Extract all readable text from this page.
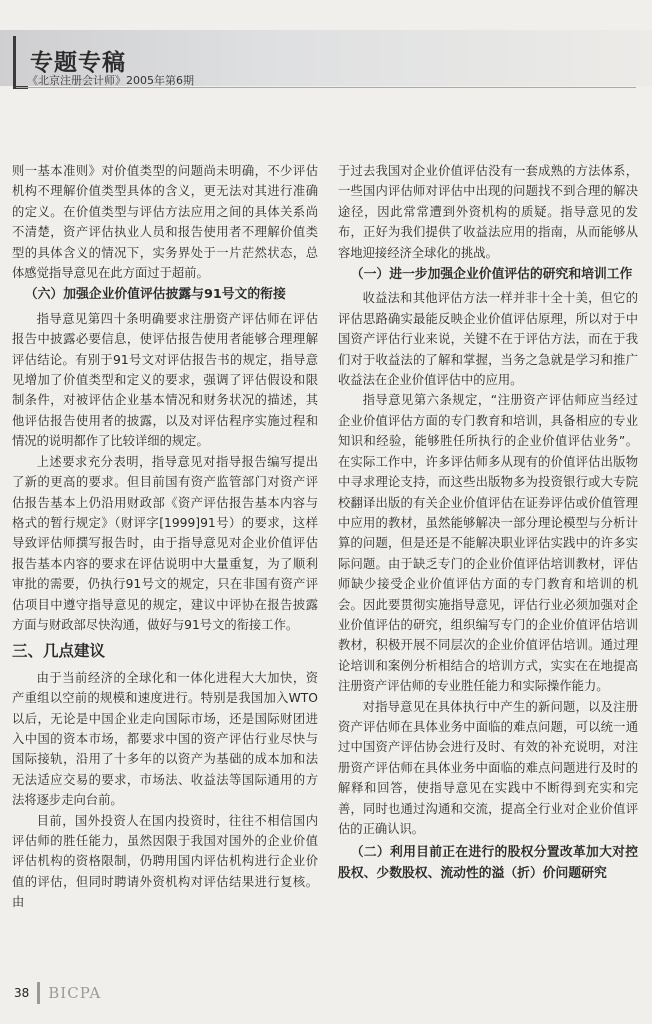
专题专稿
《北京注册会计师》2005年第6期

则一基本准则》对价值类型的问题尚未明确，不少评估机构不理解价值类型具体的含义，更无法对其进行准确的定义。在价值类型与评估方法应用之间的具体关系尚不清楚，资产评估执业人员和报告使用者不理解价值类型的具体含义的情况下，实务界处于一片茫然状态，总体感觉指导意见在此方面过于超前。

（六）加强企业价值评估披露与91号文的衔接

指导意见第四十条明确要求注册资产评估师在评估报告中披露必要信息，使评估报告使用者能够合理理解评估结论。有别于91号文对评估报告书的规定，指导意见增加了价值类型和定义的要求，强调了评估假设和限制条件，对被评估企业基本情况和财务状况的描述，其他评估报告使用者的披露，以及对评估程序实施过程和情况的说明都作了比较详细的规定。

上述要求充分表明，指导意见对指导报告编写提出了新的更高的要求。但目前国有资产监管部门对资产评估报告基本上仍沿用财政部《资产评估报告基本内容与格式的暂行规定》（财评字[1999]91号）的要求，这样导致评估师撰写报告时，由于指导意见对企业价值评估报告基本内容的要求在评估说明中大量重复，为了顺利审批的需要，仍执行91号文的规定，只在非国有资产评估项目中遵守指导意见的规定，建议中评协在报告披露方面与财政部尽快沟通，做好与91号文的衔接工作。

三、几点建议

由于当前经济的全球化和一体化进程大大加快，资产重组以空前的规模和速度进行。特别是我国加入WTO以后，无论是中国企业走向国际市场，还是国际财团进入中国的资本市场，都要求中国的资产评估行业尽快与国际接轨，沿用了十多年的以资产为基础的成本加和法无法适应交易的要求，市场法、收益法等国际通用的方法将逐步走向台前。

目前，国外投资人在国内投资时，往往不相信国内评估师的胜任能力，虽然因限于我国对国外的企业价值评估机构的资格限制，仍聘用国内评估机构进行企业价值的评估，但同时聘请外资机构对评估结果进行复核。由

于过去我国对企业价值评估没有一套成熟的方法体系，一些国内评估师对评估中出现的问题找不到合理的解决途径，因此常常遭到外资机构的质疑。指导意见的发布，正好为我们提供了收益法应用的指南，从而能够从容地迎接经济全球化的挑战。

（一）进一步加强企业价值评估的研究和培训工作

收益法和其他评估方法一样并非十全十美，但它的评估思路确实最能反映企业价值评估原理，所以对于中国资产评估行业来说，关键不在于评估方法，而在于我们对于收益法的了解和掌握，当务之急就是学习和推广收益法在企业价值评估中的应用。

指导意见第六条规定，“注册资产评估师应当经过企业价值评估方面的专门教育和培训，具备相应的专业知识和经验，能够胜任所执行的企业价值评估业务”。在实际工作中，许多评估师多从现有的价值评估出版物中寻求理论支持，而这些出版物多为投资银行或大专院校翻译出版的有关企业价值评估在证券评估或价值管理中应用的教材，虽然能够解决一部分理论模型与分析计算的问题，但是还是不能解决职业评估实践中的许多实际问题。由于缺乏专门的企业价值评估培训教材，评估师缺少接受企业价值评估方面的专门教育和培训的机会。因此要贯彻实施指导意见，评估行业必须加强对企业价值评估的研究，组织编写专门的企业价值评估培训教材，积极开展不同层次的企业价值评估培训。通过理论培训和案例分析相结合的培训方式，实实在在地提高注册资产评估师的专业胜任能力和实际操作能力。

对指导意见在具体执行中产生的新问题，以及注册资产评估师在具体业务中面临的难点问题，可以统一通过中国资产评估协会进行及时、有效的补充说明，对注册资产评估师在具体业务中面临的难点问题进行及时的解释和回答，使指导意见在实践中不断得到充实和完善，同时也通过沟通和交流，提高全行业对企业价值评估的正确认识。

（二）利用目前正在进行的股权分置改革加大对控股权、少数股权、流动性的溢（折）价问题研究
38 BICPA
